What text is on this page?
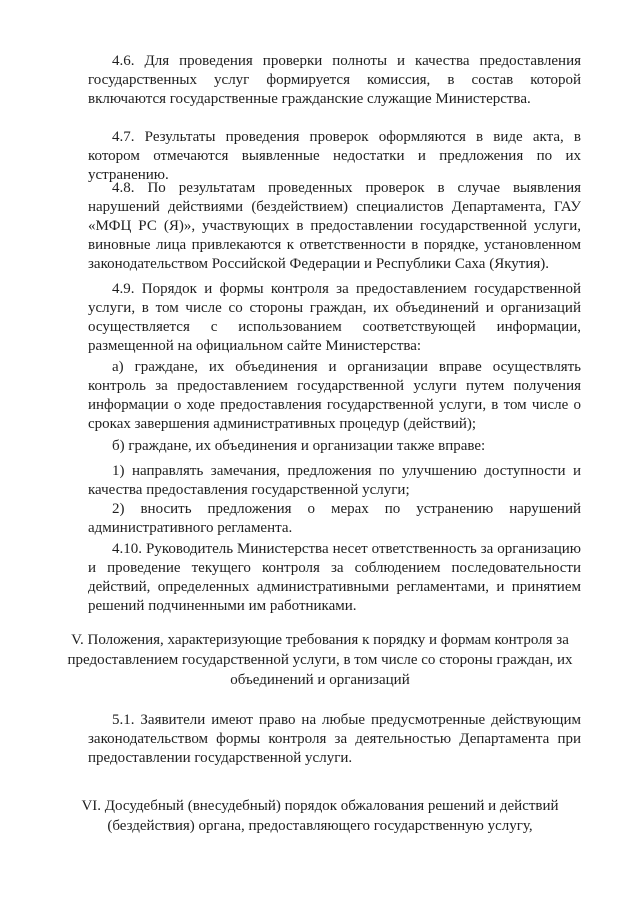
4.6. Для проведения проверки полноты и качества предоставления государственных услуг формируется комиссия, в состав которой включаются государственные гражданские служащие Министерства.

4.7. Результаты проведения проверок оформляются в виде акта, в котором отмечаются выявленные недостатки и предложения по их устранению.

4.8. По результатам проведенных проверок в случае выявления нарушений действиями (бездействием) специалистов Департамента, ГАУ «МФЦ РС (Я)», участвующих в предоставлении государственной услуги, виновные лица привлекаются к ответственности в порядке, установленном законодательством Российской Федерации и Республики Саха (Якутия).

4.9. Порядок и формы контроля за предоставлением государственной услуги, в том числе со стороны граждан, их объединений и организаций осуществляется с использованием соответствующей информации, размещенной на официальном сайте Министерства:

а) граждане, их объединения и организации вправе осуществлять контроль за предоставлением государственной услуги путем получения информации о ходе предоставления государственной услуги, в том числе о сроках завершения административных процедур (действий);

б) граждане, их объединения и организации также вправе:

1) направлять замечания, предложения по улучшению доступности и качества предоставления государственной услуги;

2) вносить предложения о мерах по устранению нарушений административного регламента.

4.10. Руководитель Министерства несет ответственность за организацию и проведение текущего контроля за соблюдением последовательности действий, определенных административными регламентами, и принятием решений подчиненными им работниками.

V. Положения, характеризующие требования к порядку и формам контроля за предоставлением государственной услуги, в том числе со стороны граждан, их объединений и организаций

5.1. Заявители имеют право на любые предусмотренные действующим законодательством формы контроля за деятельностью Департамента при предоставлении государственной услуги.

VI. Досудебный (внесудебный) порядок обжалования решений и действий (бездействия) органа, предоставляющего государственную услугу,
